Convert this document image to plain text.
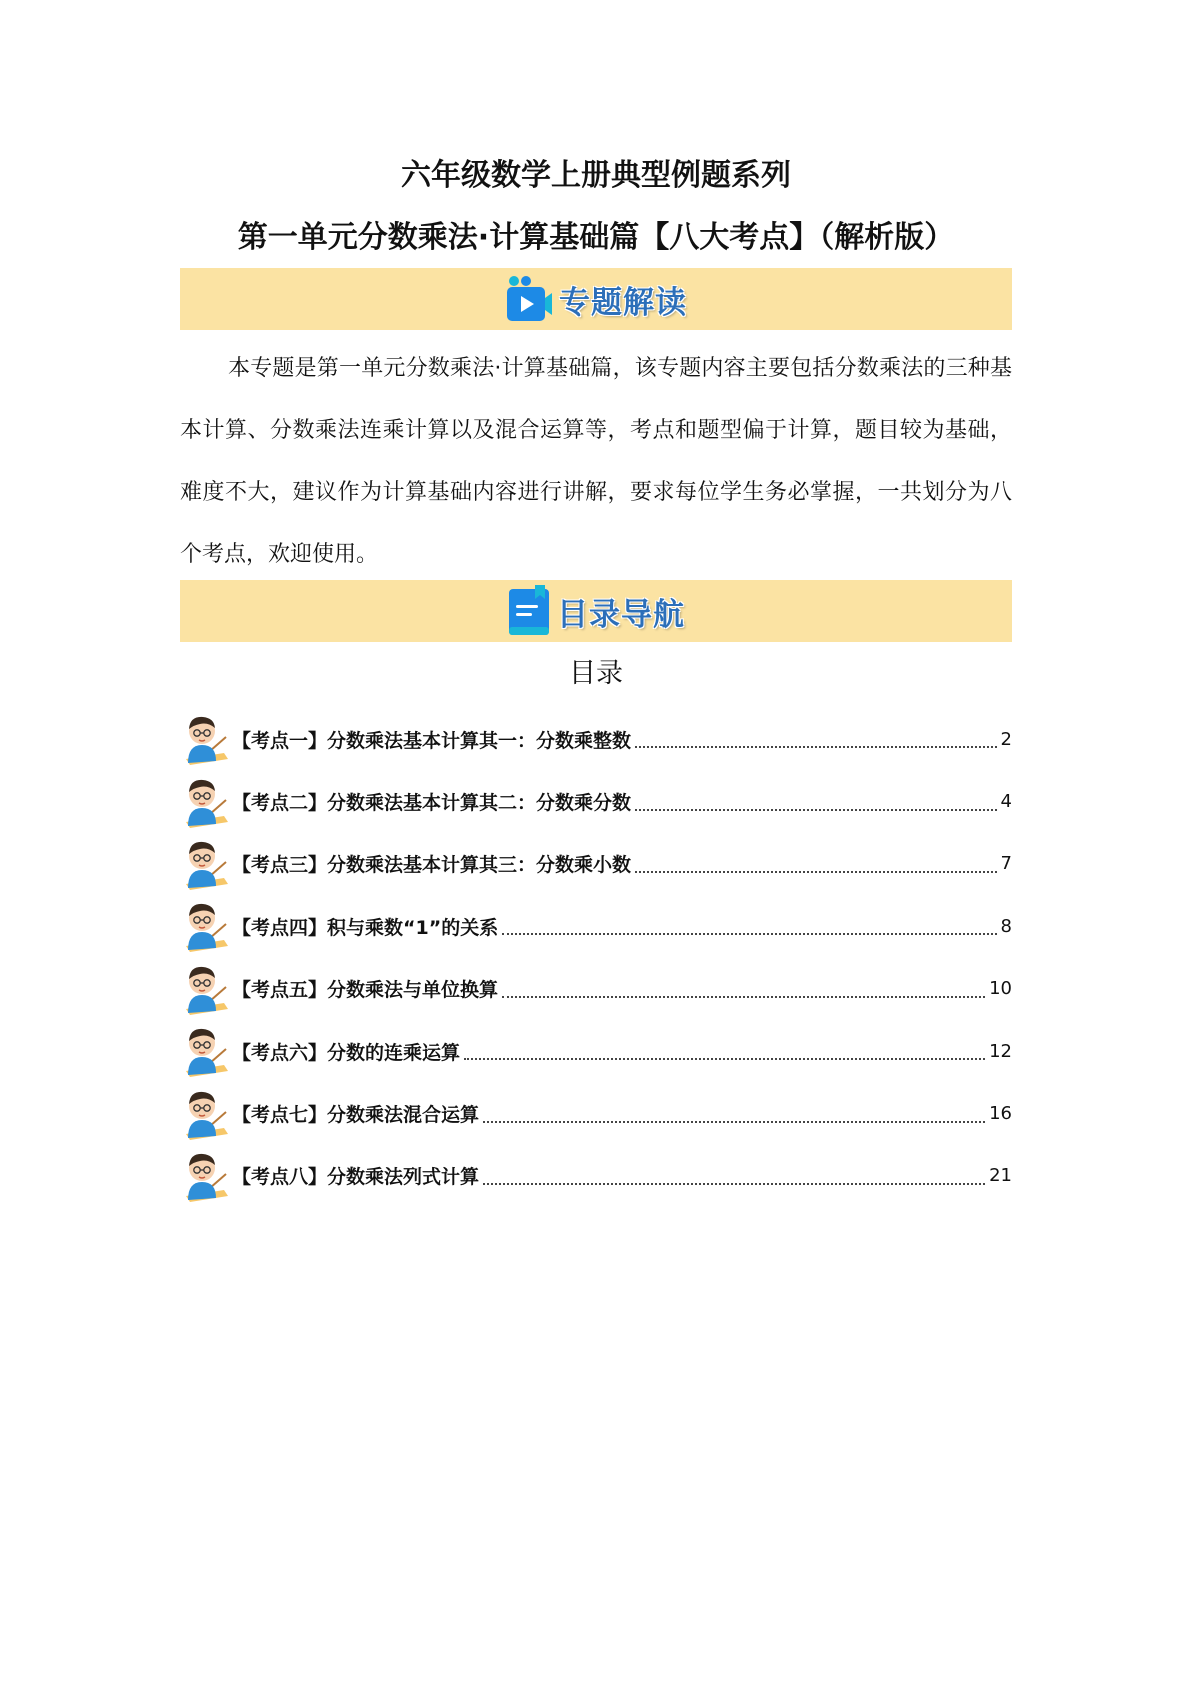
六年级数学上册典型例题系列
第一单元分数乘法·计算基础篇【八大考点】（解析版）
专题解读

本专题是第一单元分数乘法·计算基础篇，该专题内容主要包括分数乘法的三种基本计算、分数乘法连乘计算以及混合运算等，考点和题型偏于计算，题目较为基础，难度不大，建议作为计算基础内容进行讲解，要求每位学生务必掌握，一共划分为八个考点，欢迎使用。

目录导航
目录
【考点一】分数乘法基本计算其一：分数乘整数	2
【考点二】分数乘法基本计算其二：分数乘分数	4
【考点三】分数乘法基本计算其三：分数乘小数	7
【考点四】积与乘数“1”的关系	8
【考点五】分数乘法与单位换算	10
【考点六】分数的连乘运算	12
【考点七】分数乘法混合运算	16
【考点八】分数乘法列式计算	21
